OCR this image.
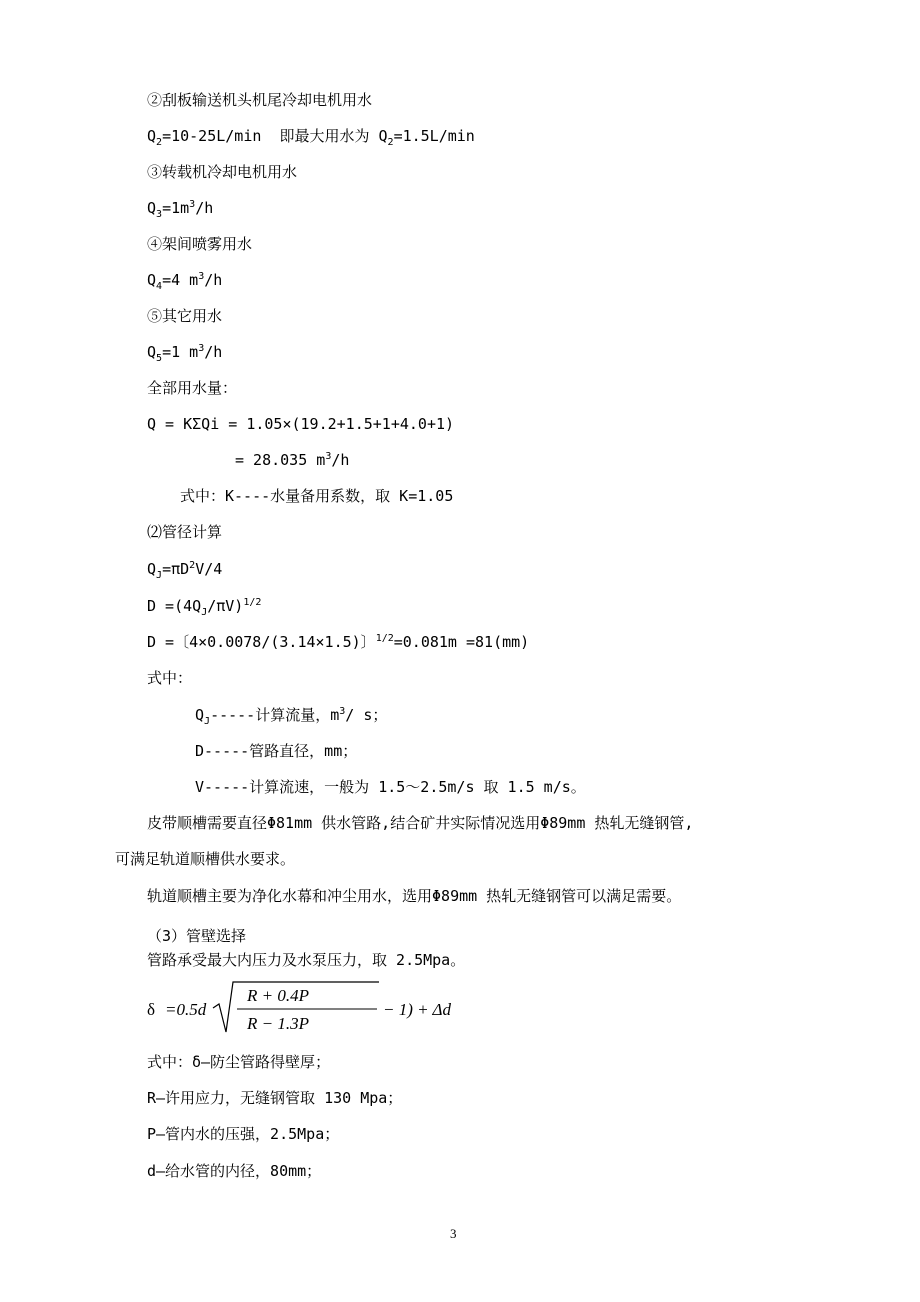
②刮板输送机头机尾冷却电机用水
$Q_2=10-25L/\min$  即最大用水为 $Q_2=1.5L/\min$
③转载机冷却电机用水
$Q_3=1m^3/h$
④架间喷雾用水
$Q_4=4$ $m^3/h$
⑤其它用水
$Q_5=1$ $m^3/h$
全部用水量：
Q = KΣQi = 1.05×(19.2+1.5+1+4.0+1)
= 28.035 $m^3/h$
式中：K----水量备用系数，取 K=1.05
⑵管径计算
$Q_J=\pi D^2V/4$
$D =(4Q_J/\pi V)^{1/2}$
D =〔4×0.0078/(3.14×1.5)〕$^{1/2}$=0.081m =81(mm)
式中：
$Q_J-----$计算流量，$m^3/$ s；
D-----管路直径，mm；
V-----计算流速，一般为 1.5～2.5m/s 取 1.5 m/s。
皮带顺槽需要直径Φ81mm 供水管路,结合矿井实际情况选用Φ89mm 热轧无缝钢管,
可满足轨道顺槽供水要求。
轨道顺槽主要为净化水幕和冲尘用水，选用Φ89mm 热轧无缝钢管可以满足需要。
（3）管壁选择
管路承受最大内压力及水泵压力，取 2.5Mpa。
δ =0.5d
R + 0.4P
R − 1.3P
− 1) + Δd
式中：δ—防尘管路得壁厚；
R—许用应力，无缝钢管取 130 Mpa；
P—管内水的压强，2.5Mpa；
d—给水管的内径，80mm；
3
